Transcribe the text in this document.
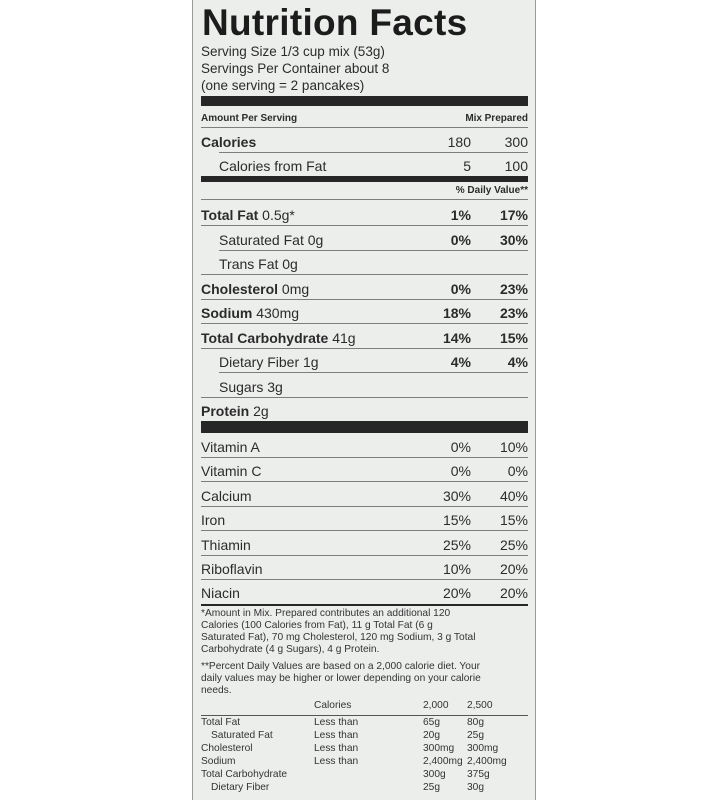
Nutrition Facts
Serving Size 1/3 cup mix (53g)
Servings Per Container about 8
(one serving = 2 pancakes)
Amount Per Serving	Mix Prepared
Calories	180 300
Calories from Fat	5 100
% Daily Value**
Total Fat 0.5g*	1% 17%
Saturated Fat 0g	0% 30%
Trans Fat 0g
Cholesterol 0mg	0% 23%
Sodium 430mg	18% 23%
Total Carbohydrate 41g	14% 15%
Dietary Fiber 1g	4%	4%
Sugars 3g
Protein 2g
Vitamin A	0% 10%
Vitamin C	0%	0%
Calcium	30% 40%
Iron	15% 15%
Thiamin	25% 25%
Riboflavin	10% 20%
Niacin	20% 20%
*Amount in Mix. Prepared contributes an additional 120
Calories (100 Calories from Fat), 11 g Total Fat (6 g
Saturated Fat), 70 mg Cholesterol, 120 mg Sodium, 3 g Total
Carbohydrate (4 g Sugars), 4 g Protein.
**Percent Daily Values are based on a 2,000 calorie diet. Your
daily values may be higher or lower depending on your calorie
needs.
Calories	2,000 2,500
Total Fat	Less than	65g	80g
Saturated Fat	Less than	20g	25g
Cholesterol	Less than	300mg 300mg
Sodium	Less than	2,400mg 2,400mg
Total Carbohydrate	300g 375g
Dietary Fiber	25g	30g
